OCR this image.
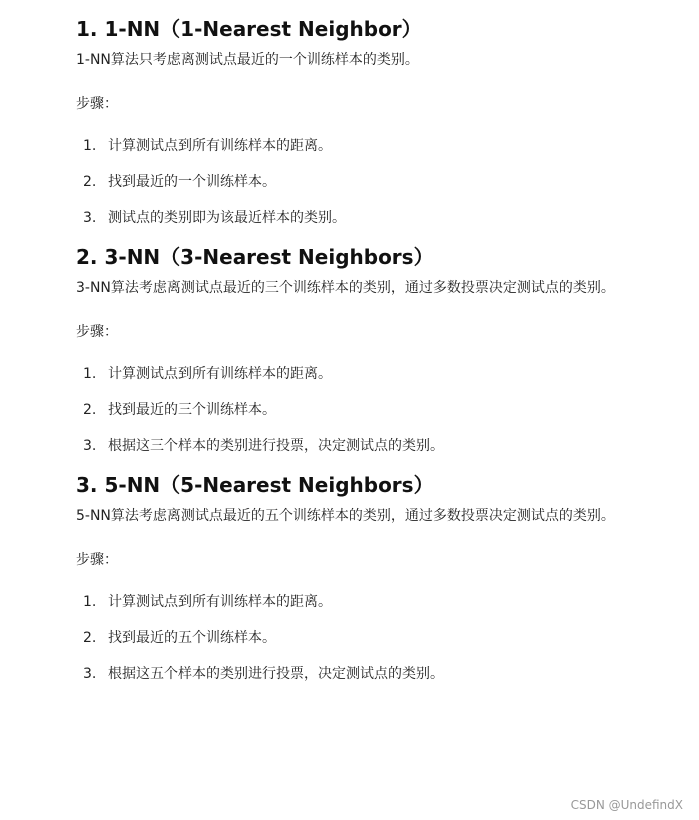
1. 1-NN（1-Nearest Neighbor）

1-NN算法只考虑离测试点最近的一个训练样本的类别。

步骤：

1. 计算测试点到所有训练样本的距离。
2. 找到最近的一个训练样本。
3. 测试点的类别即为该最近样本的类别。
2. 3-NN（3-Nearest Neighbors）

3-NN算法考虑离测试点最近的三个训练样本的类别，通过多数投票决定测试点的类别。

步骤：

1. 计算测试点到所有训练样本的距离。
2. 找到最近的三个训练样本。
3. 根据这三个样本的类别进行投票，决定测试点的类别。
3. 5-NN（5-Nearest Neighbors）

5-NN算法考虑离测试点最近的五个训练样本的类别，通过多数投票决定测试点的类别。

步骤：

1. 计算测试点到所有训练样本的距离。
2. 找到最近的五个训练样本。
3. 根据这五个样本的类别进行投票，决定测试点的类别。
CSDN @UndefindX
